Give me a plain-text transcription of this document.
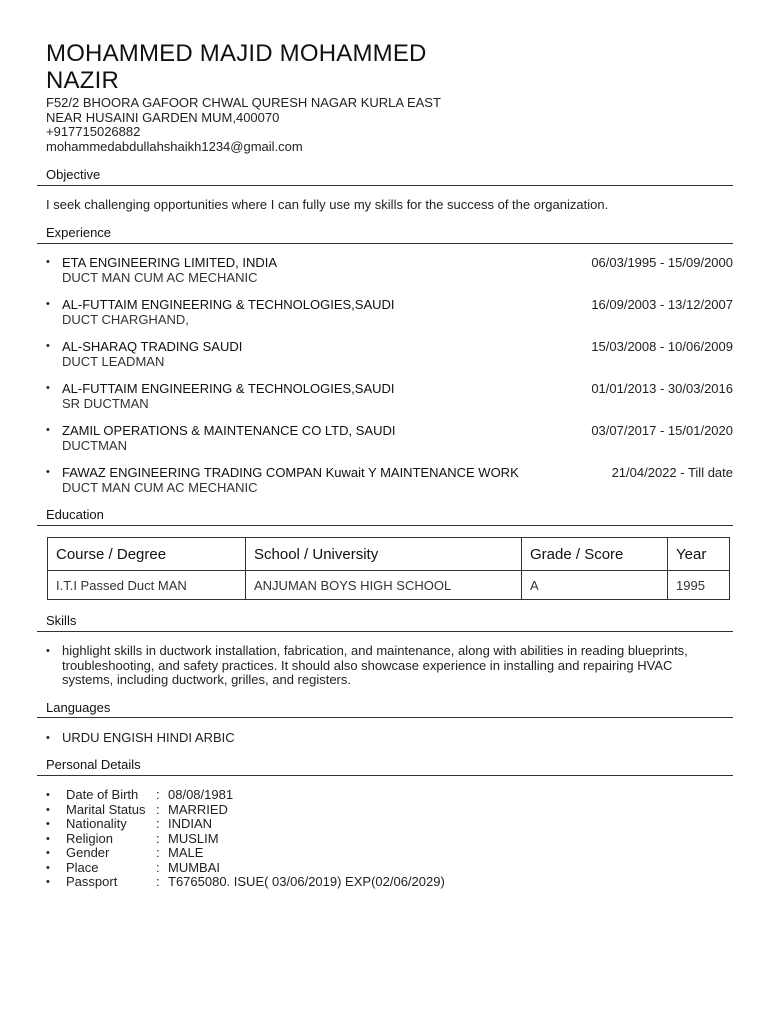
MOHAMMED MAJID MOHAMMED
NAZIR
F52/2 BHOORA GAFOOR CHWAL QURESH NAGAR KURLA EAST
NEAR HUSAINI GARDEN MUM,400070
+917715026882
mohammedabdullahshaikh1234@gmail.com
Objective
I seek challenging opportunities where I can fully use my skills for the success of the organization.
Experience
• ETA ENGINEERING LIMITED, INDIA
DUCT MAN CUM AC MECHANIC
06/03/1995 - 15/09/2000
• AL-FUTTAIM ENGINEERING & TECHNOLOGIES,SAUDI
DUCT CHARGHAND,
16/09/2003 - 13/12/2007
• AL-SHARAQ TRADING SAUDI
DUCT LEADMAN
15/03/2008 - 10/06/2009
• AL-FUTTAIM ENGINEERING & TECHNOLOGIES,SAUDI
SR DUCTMAN
01/01/2013 - 30/03/2016
• ZAMIL OPERATIONS & MAINTENANCE CO LTD, SAUDI
DUCTMAN
03/07/2017 - 15/01/2020
• FAWAZ ENGINEERING TRADING COMPAN Kuwait Y MAINTENANCE WORK
DUCT MAN CUM AC MECHANIC
21/04/2022 - Till date
Education
Course / Degree	School / University	Grade / Score	Year
I.T.I Passed Duct MAN	ANJUMAN BOYS HIGH SCHOOL	A	1995
Skills
• highlight skills in ductwork installation, fabrication, and maintenance, along with abilities in reading blueprints,
troubleshooting, and safety practices. It should also showcase experience in installing and repairing HVAC
systems, including ductwork, grilles, and registers.
Languages
• URDU ENGISH HINDI ARBIC
Personal Details
•	Date of Birth	: 08/08/1981
•	Marital Status : MARRIED
•	Nationality	: INDIAN
•	Religion	: MUSLIM
•	Gender	: MALE
•	Place	: MUMBAI
•	Passport	: T6765080. ISUE( 03/06/2019) EXP(02/06/2029)
